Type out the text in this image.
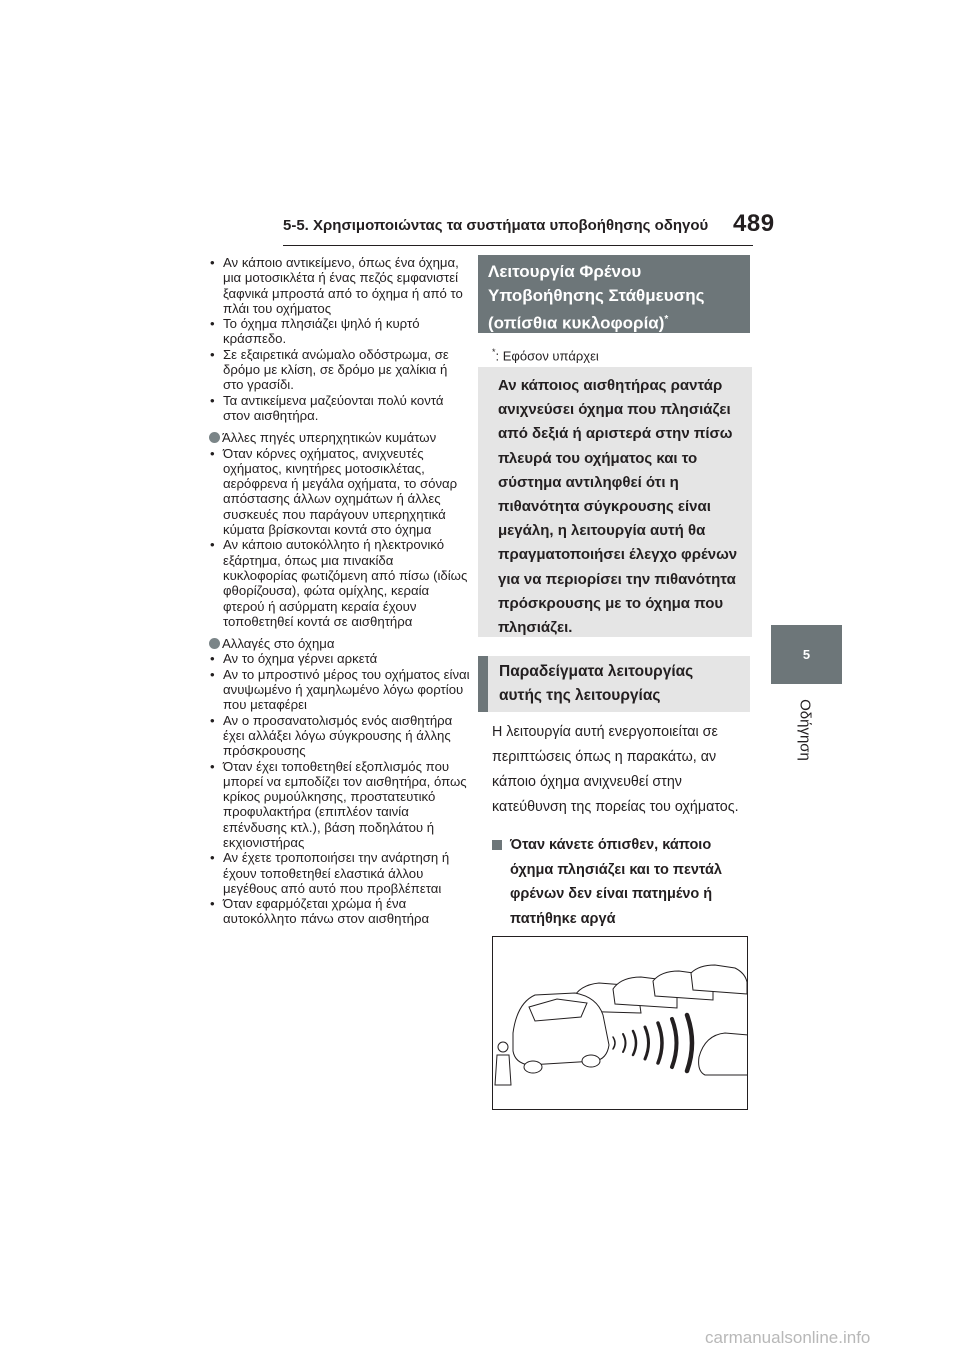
5-5. Χρησιμοποιώντας τα συστήματα υποβοήθησης οδηγού 489
5
Οδήγηση
• Αν κάποιο αντικείμενο, όπως ένα όχημα, μια μοτοσικλέτα ή ένας πεζός εμφανιστεί ξαφνικά μπροστά από το όχημα ή από το πλάι του οχήματος
• Το όχημα πλησιάζει ψηλό ή κυρτό κράσπεδο.
• Σε εξαιρετικά ανώμαλο οδόστρωμα, σε δρόμο με κλίση, σε δρόμο με χαλίκια ή στο γρασίδι.
• Τα αντικείμενα μαζεύονται πολύ κοντά στον αισθητήρα.
Άλλες πηγές υπερηχητικών κυμάτων
• Όταν κόρνες οχήματος, ανιχνευτές οχήματος, κινητήρες μοτοσικλέτας, αερόφρενα ή μεγάλα οχήματα, το σόναρ απόστασης άλλων οχημάτων ή άλλες συσκευές που παράγουν υπερηχητικά κύματα βρίσκονται κοντά στο όχημα
• Αν κάποιο αυτοκόλλητο ή ηλεκτρονικό εξάρτημα, όπως μια πινακίδα κυκλοφορίας φωτιζόμενη από πίσω (ιδίως φθορίζουσα), φώτα ομίχλης, κεραία φτερού ή ασύρματη κεραία έχουν τοποθετηθεί κοντά σε αισθητήρα
Αλλαγές στο όχημα
• Αν το όχημα γέρνει αρκετά
• Αν το μπροστινό μέρος του οχήματος είναι ανυψωμένο ή χαμηλωμένο λόγω φορτίου που μεταφέρει
• Αν ο προσανατολισμός ενός αισθητήρα έχει αλλάξει λόγω σύγκρουσης ή άλλης πρόσκρουσης
• Όταν έχει τοποθετηθεί εξοπλισμός που μπορεί να εμποδίζει τον αισθητήρα, όπως κρίκος ρυμούλκησης, προστατευτικό προφυλακτήρα (επιπλέον ταινία επένδυσης κτλ.), βάση ποδηλάτου ή εκχιονιστήρας
• Αν έχετε τροποποιήσει την ανάρτηση ή έχουν τοποθετηθεί ελαστικά άλλου μεγέθους από αυτό που προβλέπεται
• Όταν εφαρμόζεται χρώμα ή ένα αυτοκόλλητο πάνω στον αισθητήρα
Λειτουργία Φρένου Υποβοήθησης Στάθμευσης (οπίσθια κυκλοφορία)*
*: Εφόσον υπάρχει
Αν κάποιος αισθητήρας ραντάρ ανιχνεύσει όχημα που πλησιάζει από δεξιά ή αριστερά στην πίσω πλευρά του οχήματος και το σύστημα αντιληφθεί ότι η πιθανότητα σύγκρουσης είναι μεγάλη, η λειτουργία αυτή θα πραγματοποιήσει έλεγχο φρένων για να περιορίσει την πιθανότητα πρόσκρουσης με το όχημα που πλησιάζει.
Παραδείγματα λειτουργίας αυτής της λειτουργίας
Η λειτουργία αυτή ενεργοποιείται σε περιπτώσεις όπως η παρακάτω, αν κάποιο όχημα ανιχνευθεί στην κατεύθυνση της πορείας του οχήματος.
Όταν κάνετε όπισθεν, κάποιο όχημα πλησιάζει και το πεντάλ φρένων δεν είναι πατημένο ή πατήθηκε αργά
carmanualsonline.info
